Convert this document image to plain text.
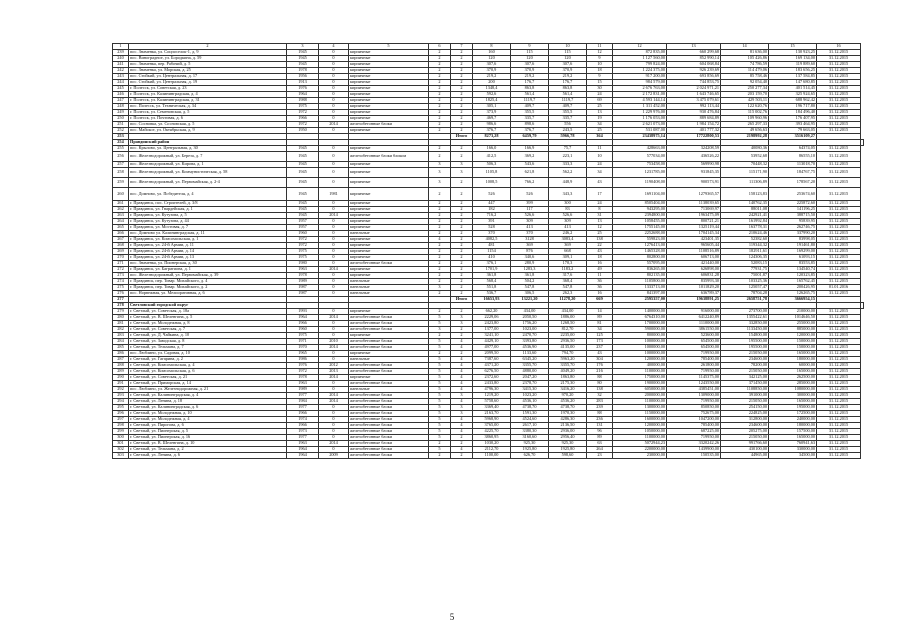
1	2	3	4	5	6	7	8	9	10	11	12	13	14	15	16	
239	пос. Знаменка, ул. Соцпоселок-1, д. 9	1945	0	кирпичные	2	2	160	115	115	12	872 835,00	660 299,68	81 636,00	130 923,25	31.12.2015	
240	пос. Виноградное, ул. Бородкина, д. 59	1945	0	кирпичные	2	2	120	120	120	9	1 127 560,00	852 990,14	105 426,86	169 134,00	31.12.2015	
241	пос. Знаменка, пер. Рабочий, д. 5	1945	0	кирпичные	2	2	307,6	307,6	307,6	10	799 824,00	604 068,84	74 786,59	119 889,60	31.12.2015	
242	пос. Знаменка, ул. Морская, д. 25	1978	0	кирпичные	2	2	370,9	370,9	370,9	18	1 224 375,00	926 239,69	114 479,06	183 656,25	31.12.2015	
243	пос. Стойкий, ул. Центральная, д. 17	1956	0	кирпичные	2	2	219,2	219,2	219,2	9	917 200,00	693 856,69	85 758,46	137 584,85	31.12.2015	
244	пос. Стойкий, ул. Центральная, д. 19	1913	0	кирпичные	2	2	200	176,7	176,7	15	984 579,00	744 853,75	92 054,40	147 680,85	31.12.2015	
245	г. Полесск, ул. Советская, д. 23	1976	0	кирпичные	2	2	1348,4	863,8	863,8	30	2 676 763,00	2 024 971,21	250 277,34	401 514,45	31.12.2015	
246	г. Полесск, ул. Калининградская, д. 4	1964	0	кирпичные	2	2	592,6	561,4	561,4	24	2 172 831,00	1 643 746,65	203 159,70	325 924,65	31.12.2015	
247	г. Полесск, ул. Калининградская, д. 31	1988	0	кирпичные	2	2	1825,4	1119,7	1119,7	69	4 593 144,14	3 475 079,61	429 503,11	688 962,42	31.12.2015	
248	пос. Полесск, ул. Техническая, д. 34	1975	0	кирпичные	2	2	305,1	409,7	409,7	25	1 311 452,00	992 113,44	122 620,76	196 717,80	31.12.2015	
249	г. Полесск, ул. Семеновская, д. 5	1972	0	кирпичные	2	2	373,9	355,5	355,5	13	1 229 976,00	930 476,84	115 002,76	184 496,40	31.12.2015	
250	г. Полесск, ул. Почтовая, д. 6	1966	0	кирпичные	2	2	469,7	335,7	335,7	19	1 176 053,00	889 684,89	109 960,96	176 407,95	31.12.2015	
251	пос. Сосновка, ул. Сосновская, д. 5	1972	2014	железобетонные блоки	2	2	986,6	898,6	556	34	2 621 073,00	1 984 154,72	265 297,33	393 464,95	31.12.2015	
252	пос. Майское, ул. Октябрьская, д. 9	1950	0	кирпичные	2	2	376,7	376,7	243,5	25	531 087,00	401 777,32	49 656,63	79 663,05	31.12.2015	
253						Итого	8273,28	6459,79	5966,78	364	23438975,14	17722800,53	2198992,28	3516109,27		
254	Правдинский район															
255	пос. Крылово, ул. Центральная, д. 30	1945	0	кирпичные	2	2	166,0	166,9	75,7	11	428663,00	324208,59	40080,36	64374,05	31.12.2015	
256	пос. Железнодорожный, ул. Береза, д. 7	1945	0	железобетонные блоки блоком	2	2	412,5	369,2	223,1	10	577034,00	436526,22	53952,68	86555,10	31.12.2015	
257	пос. Железнодорожный, ул. Кирова, д. 1	1945	0	кирпичные	3	3	506,3	543,6	333,3	24	753458,00	569990,98	70448,32	113018,70	31.12.2015	
258	пос. Железнодорожный, ул. Коммунистическая, д. 58	1945	0	кирпичные	3	3	1105,8	621,8	562,2	34	1231785,00	931845,35	115171,90	184767,75	31.12.2015	
259	пос. Железнодорожный, ул. Первомайская, д. 2-4	1945	0	кирпичные	3	2	1008,5	766,2	448,9	43	1190408,00	900573,91	111306,89	178567,20	31.12.2015	
260	пос. Домново, ул. Победителя, д. 4	1945	1981	кирпичные	2	2	526	526	343,3	17	1691104,00	1279365,57	158123,83	253674,60	31.12.2015	
261	г. Правдинск, пос. Строителей, д. 3/8	1945	0	кирпичные	2	2	447	399	300	24	8505404,00	1138039,65	140762,35	225872,60	31.12.2015	
262	г. Правдинск, ул. Гвардейская, д. 1	1945	0	кирпичные	2	2	182	117	83	8	943295,00	713069,97	88011,08	141196,25	31.12.2015	
263	г. Правдинск, ул. Кутузова, д. 5	1945	2014	кирпичные	2	2	716,2	526,6	526,6	31	2394800,00	1963475,09	242921,41	388715,50	31.12.2015	
264	г. Правдинск, ул. Кутузова, д. 44	1957	0	кирпичные	2	2	391	309	309	13	1058455,00	800721,21	161992,84	95839,95	31.12.2015	
265	г. Правдинск, ул. Мостовая, д. 7	1957	0	кирпичные	2	2	528	413	413	12	1755145,00	1325119,44	163778,31	262746,75	31.12.2015	
266	пос. Домново ул. Калининградская, д. 11	1960	0	панельные	2	2	370	370	246,2	25	2252688,00	1704145,34	210624,46	337990,20	31.12.2015	
267	г. Правдинск, ул. Комсомольская, д. 1	1972	0	кирпичные	4	2	4082,5	3128	3083,4	138	559823,00	423401,35	52382,60	83998,05	31.12.2015	
268	г. Правдинск, ул. 24-й Армии, д. 11	1972	0	кирпичные	2	2	481	369	369	22	1276413,00	965605,44	119344,32	191461,80	31.12.2015	
269	г. Правдинск, ул. 24-й Армии, д. 14	1975	0	кирпичные	2	2	1154	876	668	43	1465328,00	1108516,89	182911,61	169299,00	31.12.2015	
270	г. Правдинск, ул. 24-й Армии, д. 13	1975	0	кирпичные	2	2	410	340,6	309,1	18	802800,00	606713,00	124306,35	61093,15	31.12.2015	
271	пос. Знаменка, ул. Пионерская, д. 30	1980	0	железобетонные блоки	2	2	376,1	280,9	170,3	16	557095,00	421440,00	52083,15	83553,85	31.12.2015	
272	г. Правдинск, ул. Багратиона, д. 1	1963	2014	кирпичные	2	2	1701,9	1283,3	1183,2	49	836265,00	626898,00	77931,75	134540,74	31.12.2015	
273	пос. Железнодорожный, ул. Первомайская, д. 39	1978	0	кирпичные	2	2	361,8	361,8	317,6	11	802135,00	606831,28	75001,87	120323,85	31.12.2015	
274	г. Правдинск, пер. Товар. Михайского, д. 4	1989	0	панельные	2	2	568,4	504,2	368,4	36	1105800,00	835993,30	103325,36	165762,45	31.12.2015	
275	г. Правдинск, пер. Товар. Михайского, д. 2	1987	0	панельные	3	2	551,8	547,8	547,8	36	1333713,00	1011829,20	125057,47	200426,95	01.01.2016	
276	пос. Норвежная, ул. Мелиоративная, д. 6	1987	0	панельные	2	2	536,7	306,5	262,3	16	841397,00	636789,37	78704,28	126265,75	31.12.2015	
277						Итого	16653,93	13221,20	11278,20	669	2595357,00	19638891,25	2658751,78	3666954,15		
278	Светловский городской округ															
279	г. Светлый, ул. Советская, д. 18а	1993	0	кирпичные	2	2	662,20	434,00	434,00	14	1400000,00	916000,00	273700,00	210000,00	31.12.2015	
280	г. Светлый, ул. В. Шеленгина, д. 5	1964	2014	железобетонные блоки	5	3	2229,06	2050,50	1886,00	89	6764310,00	6412240,89	1355422,61	1014646,50	31.12.2015	
281	г. Светлый, ул. Молодежная, д. 8	1966	0	железобетонные блоки	5	3	2423,80	1756,20	1268,50	81	1700000,00	1110000,00	332850,00	255000,00	31.12.2015	
282	г. Светлый, ул. Советская, д. 7	1960	0	железобетонные блоки	3	2	1377,00	1023,00	812,70	34	5900000,00	3861550,00	1133450,00	885000,00	31.12.2015	
283	г. Светлый, ул. Д. Чайкина, д. 10	1975	0	кирпичные	2	2	3241,10	2470,70	2235,00	125	800000,00	523600,00	154800,00	120000,00	31.12.2015	
284	г. Светлый, ул. Заводская, д. 8	1971	2010	железобетонные блоки	5	4	4429,10	3393,80	2936,50	173	1000000,00	654500,00	195500,00	150000,00	31.12.2015	
285	г. Светлый, ул. Тельмана, д. 7	1970	2014	железобетонные блоки	5	4	4977,00	4536,90	4135,00	237	1000000,00	654500,00	195500,00	150000,00	31.12.2015	
286	пос. Люблино, ул. Садовая, д. 10	1965	0	кирпичные	2	2	2099,50	1133,60	794,70	43	1000000,00	719950,00	215050,00	165000,00	31.12.2015	
287	г. Светлый, ул. Гагарина, д. 2	1986	0	панельные	5	4	7387,60	6345,20	5963,20	304	1200000,00	785400,00	234600,00	180000,00	31.12.2015	
288	г. Светлый, ул. Комсомольская, д. 4	1976	2012	железобетонные блоки	5	4	4371,20	3355,70	3355,70	176	400000,00	261800,00	78200,00	60000,00	31.12.2015	
289	г. Светлый, ул. Комсомольская, д. 6	1972	2013	железобетонные блоки	5	4	6276,50	4880,00	4049,20	216	1100000,00	719950,00	215050,00	165000,00	31.12.2015	
290	г. Светлый, ул. Советская, д. 21	1978	2014	кирпичные	5	4	2372,60	2047,20	1863,80	88	1750000,00	1145375,00	342125,00	262500,00	31.12.2015	
291	г. Светлый, ул. Приморская, д. 14	1963	0	железобетонные блоки	5	4	2433,80	2378,70	2175,30	80	1900000,00	1243550,00	371450,00	285000,00	31.12.2015	
292	пос. Люблино, ул. Железнодорожная, д. 21	1989	0	панельные	5	4	4796,30	3415,30	3416,20	138	6050000,00	4385451,00	1108850,00	1080000,00	31.12.2015	
293	г. Светлый, ул. Калининградская, д. 4	1977	2014	железобетонные блоки	5	3	1219,20	1023,20	970,20	32	2000000,00	1309000,00	391000,00	300000,00	31.12.2015	
294	г. Светлый, ул. Ленина, д. 18	1984	2014	железобетонные блоки	5	4	5758,60	4536,10	4536,20	283	1100000,00	719950,00	215050,00	165000,00	31.12.2015	
295	г. Светлый, ул. Калининградская, д. 6	1977	0	железобетонные блоки	5	3	3369,40	4738,70	4738,70	239	1300000,00	850850,00	254150,00	195000,00	31.12.2015	
296	г. Светлый, ул. Молодежная, д. 10	1966	0	железобетонные блоки	5	3	2163,70	1591,30	1970,30	88	1150000,00	752675,00	224825,00	172500,00	31.12.2015	
297	г. Светлый, ул. Молодежная, д. 4	1974	0	железобетонные блоки	5	4	5968,90	4524,60	4286,30	236	1600000,00	1047200,00	312800,00	240000,00	31.12.2015	
298	г. Светлый, ул. Пирогова, д. 6	1966	0	железобетонные блоки	5	4	3765,00	2617,10	2136,50	131	1200000,00	785400,00	234600,00	180000,00	31.12.2015	
299	г. Светлый, ул. Пионерская, д. 5	1973	0	железобетонные блоки	5	4	4225,70	3380,30	2936,00	96	1050000,00	687225,00	205275,00	157500,00	31.12.2015	
300	г. Светлый, ул. Пионерская, д. 16	1977	0	железобетонные блоки	5	2	3860,95	3160,60	2956,40	89	1100000,00	719950,00	215050,00	165000,00	31.12.2015	
301	г. Светлый, ул. В. Шеленгина, д. 10	1963	2014	железобетонные блоки	2	2	1030,20	925,30	925,30	63	5072944,23	3320242,26	991766,60	760941,63	31.12.2015	
302	г. Светлый, ул. Тельмана, д. 2	1964	0	железобетонные блоки	5	4	2112,70	1925,80	1925,80	264	2200000,00	1439900,00	430100,00	330000,00	31.12.2015	
303	г. Светлый, ул. Ленина, д. 6	1964	2009	железобетонные блоки	2	2	1100,00	626,70	598,60	23	230000,00	150535,00	44965,00	34500,00	31.12.2015	
5
